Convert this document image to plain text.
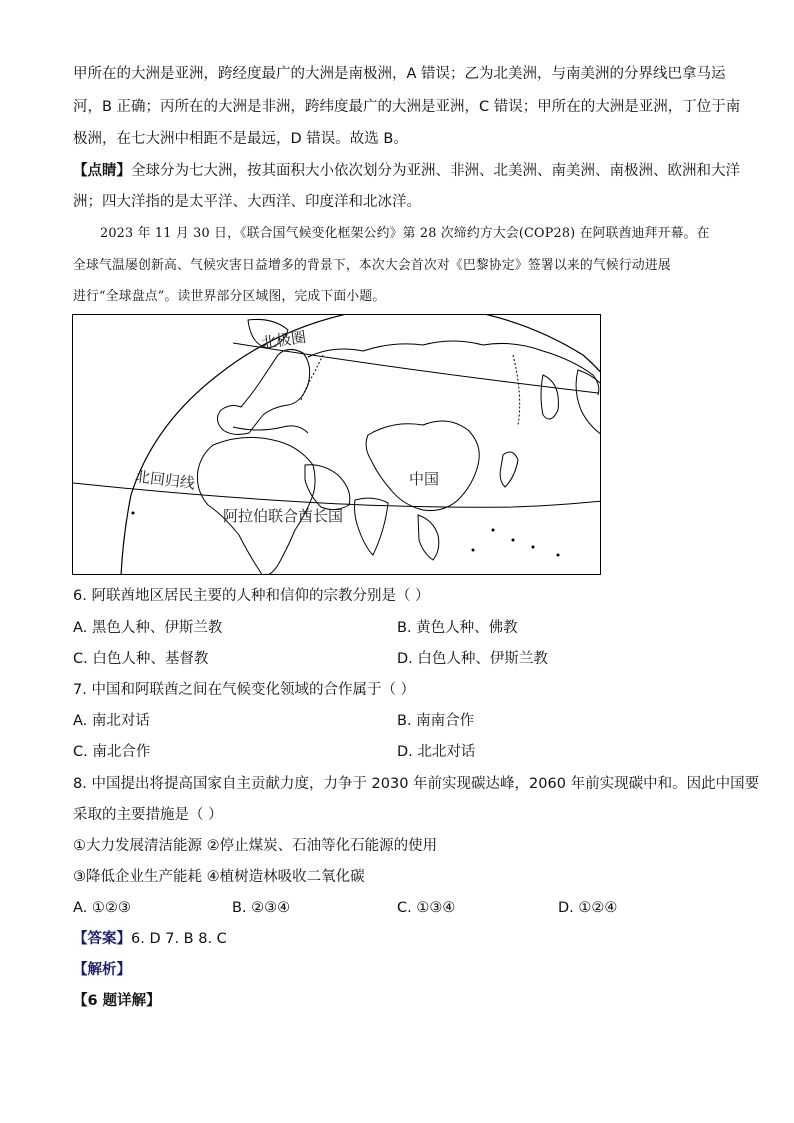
甲所在的大洲是亚洲，跨经度最广的大洲是南极洲，A 错误；乙为北美洲，与南美洲的分界线巴拿马运
河，B 正确；丙所在的大洲是非洲，跨纬度最广的大洲是亚洲，C 错误；甲所在的大洲是亚洲，丁位于南
极洲，在七大洲中相距不是最远，D 错误。故选 B。
【点睛】全球分为七大洲，按其面积大小依次划分为亚洲、非洲、北美洲、南美洲、南极洲、欧洲和大洋
洲；四大洋指的是太平洋、大西洋、印度洋和北冰洋。
2023 年 11 月 30 日，《联合国气候变化框架公约》第 28 次缔约方大会(COP28) 在阿联酋迪拜开幕。在
全球气温屡创新高、气候灾害日益增多的背景下，本次大会首次对《巴黎协定》签署以来的气候行动进展
进行“全球盘点”。读世界部分区域图，完成下面小题。
北极圈
北回归线	中国
阿拉伯联合酋长国
6. 阿联酋地区居民主要的人种和信仰的宗教分别是（ ）
A. 黑色人种、伊斯兰教	B. 黄色人种、佛教
C. 白色人种、基督教	D. 白色人种、伊斯兰教
7. 中国和阿联酋之间在气候变化领域的合作属于（ ）
A. 南北对话	B. 南南合作
C. 南北合作	D. 北北对话
8. 中国提出将提高国家自主贡献力度，力争于 2030 年前实现碳达峰，2060 年前实现碳中和。因此中国要
采取的主要措施是（ ）
①大力发展清洁能源 ②停止煤炭、石油等化石能源的使用
③降低企业生产能耗 ④植树造林吸收二氧化碳
A. ①②③	B. ②③④	C. ①③④	D. ①②④
【答案】6. D 7. B 8. C
【解析】
【6 题详解】
